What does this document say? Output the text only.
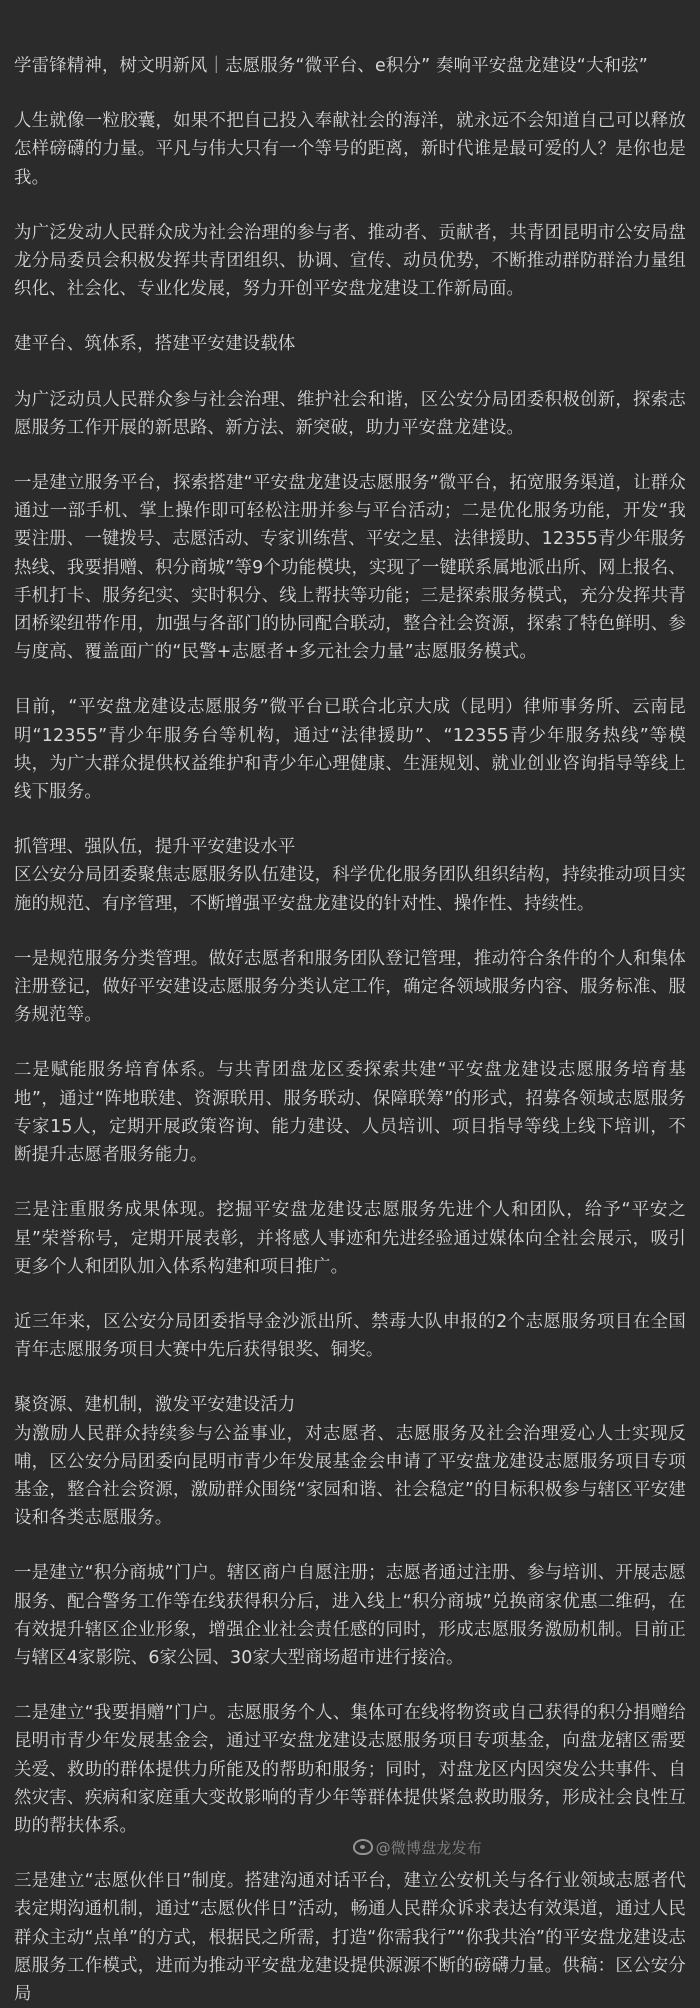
学雷锋精神，树文明新风｜志愿服务“微平台、e积分” 奏响平安盘龙建设“大和弦”

人生就像一粒胶囊，如果不把自己投入奉献社会的海洋，就永远不会知道自己可以释放怎样磅礴的力量。平凡与伟大只有一个等号的距离，新时代谁是最可爱的人？是你也是我。

为广泛发动人民群众成为社会治理的参与者、推动者、贡献者，共青团昆明市公安局盘龙分局委员会积极发挥共青团组织、协调、宣传、动员优势，不断推动群防群治力量组织化、社会化、专业化发展，努力开创平安盘龙建设工作新局面。

建平台、筑体系，搭建平安建设载体

为广泛动员人民群众参与社会治理、维护社会和谐，区公安分局团委积极创新，探索志愿服务工作开展的新思路、新方法、新突破，助力平安盘龙建设。

一是建立服务平台，探索搭建“平安盘龙建设志愿服务”微平台，拓宽服务渠道，让群众通过一部手机、掌上操作即可轻松注册并参与平台活动；二是优化服务功能，开发“我要注册、一键拨号、志愿活动、专家训练营、平安之星、法律援助、12355青少年服务热线、我要捐赠、积分商城”等9个功能模块，实现了一键联系属地派出所、网上报名、手机打卡、服务纪实、实时积分、线上帮扶等功能；三是探索服务模式，充分发挥共青团桥梁纽带作用，加强与各部门的协同配合联动，整合社会资源，探索了特色鲜明、参与度高、覆盖面广的“民警+志愿者+多元社会力量”志愿服务模式。

目前，“平安盘龙建设志愿服务”微平台已联合北京大成（昆明）律师事务所、云南昆明“12355”青少年服务台等机构，通过“法律援助”、“12355青少年服务热线”等模块，为广大群众提供权益维护和青少年心理健康、生涯规划、就业创业咨询指导等线上线下服务。

抓管理、强队伍，提升平安建设水平

区公安分局团委聚焦志愿服务队伍建设，科学优化服务团队组织结构，持续推动项目实施的规范、有序管理，不断增强平安盘龙建设的针对性、操作性、持续性。

一是规范服务分类管理。做好志愿者和服务团队登记管理，推动符合条件的个人和集体注册登记，做好平安建设志愿服务分类认定工作，确定各领域服务内容、服务标准、服务规范等。

二是赋能服务培育体系。与共青团盘龙区委探索共建“平安盘龙建设志愿服务培育基地”，通过“阵地联建、资源联用、服务联动、保障联筹”的形式，招募各领域志愿服务专家15人，定期开展政策咨询、能力建设、人员培训、项目指导等线上线下培训，不断提升志愿者服务能力。

三是注重服务成果体现。挖掘平安盘龙建设志愿服务先进个人和团队，给予“平安之星”荣誉称号，定期开展表彰，并将感人事迹和先进经验通过媒体向全社会展示，吸引更多个人和团队加入体系构建和项目推广。

近三年来，区公安分局团委指导金沙派出所、禁毒大队申报的2个志愿服务项目在全国青年志愿服务项目大赛中先后获得银奖、铜奖。

聚资源、建机制，激发平安建设活力

为激励人民群众持续参与公益事业，对志愿者、志愿服务及社会治理爱心人士实现反哺，区公安分局团委向昆明市青少年发展基金会申请了平安盘龙建设志愿服务项目专项基金，整合社会资源，激励群众围绕“家园和谐、社会稳定”的目标积极参与辖区平安建设和各类志愿服务。

一是建立“积分商城”门户。辖区商户自愿注册；志愿者通过注册、参与培训、开展志愿服务、配合警务工作等在线获得积分后，进入线上“积分商城”兑换商家优惠二维码，在有效提升辖区企业形象，增强企业社会责任感的同时，形成志愿服务激励机制。目前正与辖区4家影院、6家公园、30家大型商场超市进行接洽。

二是建立“我要捐赠”门户。志愿服务个人、集体可在线将物资或自己获得的积分捐赠给昆明市青少年发展基金会，通过平安盘龙建设志愿服务项目专项基金，向盘龙辖区需要关爱、救助的群体提供力所能及的帮助和服务；同时，对盘龙区内因突发公共事件、自然灾害、疾病和家庭重大变故影响的青少年等群体提供紧急救助服务，形成社会良性互助的帮扶体系。

三是建立“志愿伙伴日”制度。搭建沟通对话平台，建立公安机关与各行业领域志愿者代表定期沟通机制，通过“志愿伙伴日”活动，畅通人民群众诉求表达有效渠道，通过人民群众主动“点单”的方式，根据民之所需，打造“你需我行”“你我共治”的平安盘龙建设志愿服务工作模式，进而为推动平安盘龙建设提供源源不断的磅礴力量。供稿：区公安分局

@微博盘龙发布
